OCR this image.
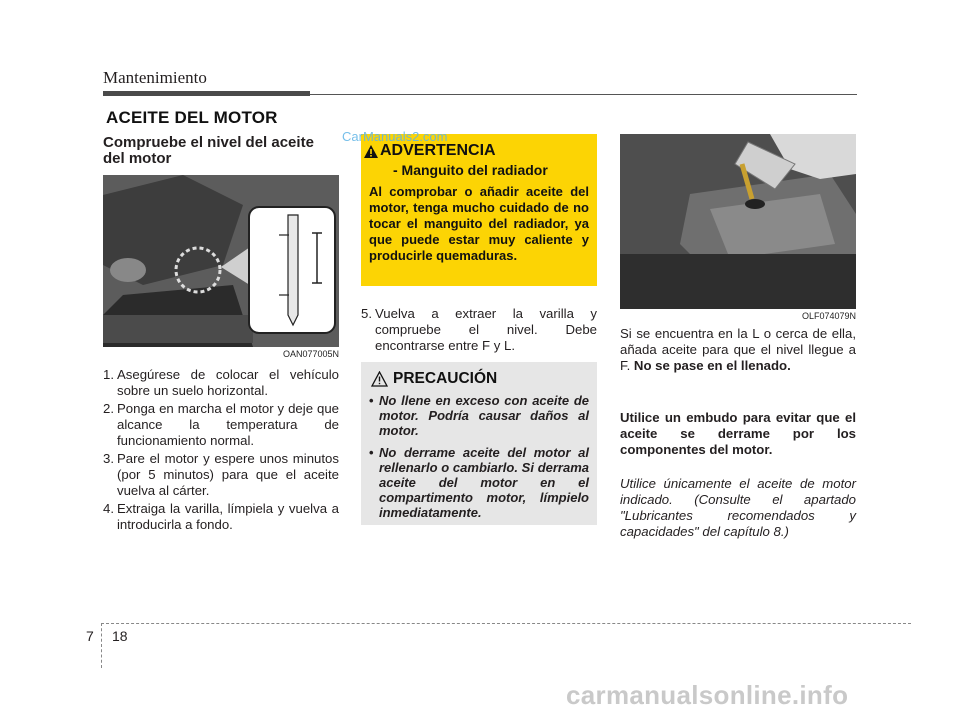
Mantenimiento
ACEITE DEL MOTOR
Compruebe el nivel del aceite del motor
OAN077005N
1. Asegúrese de colocar el vehículo sobre un suelo horizontal.
2. Ponga en marcha el motor y deje que alcance la temperatura de funcionamiento normal.
3. Pare el motor y espere unos minutos (por 5 minutos) para que el aceite vuelva al cárter.
4. Extraiga la varilla, límpiela y vuelva a introducirla a fondo.
ADVERTENCIA
- Manguito del radiador
Al comprobar o añadir aceite del motor, tenga mucho cuidado de no tocar el manguito del radiador, ya que puede estar muy caliente y producirle quemaduras.
5. Vuelva a extraer la varilla y compruebe el nivel. Debe encontrarse entre F y L.
PRECAUCIÓN
• No llene en exceso con aceite de motor. Podría causar daños al motor.
• No derrame aceite del motor al rellenarlo o cambiarlo. Si derrama aceite del motor en el compartimento motor, límpielo inmediatamente.
OLF074079N
Si se encuentra en la L o cerca de ella, añada aceite para que el nivel llegue a F. No se pase en el llenado.
Utilice un embudo para evitar que el aceite se derrame por los componentes del motor.
Utilice únicamente el aceite de motor indicado. (Consulte el apartado "Lubricantes recomendados y capacidades" del capítulo 8.)
7 18
CarManuals2.com
carmanualsonline.info
